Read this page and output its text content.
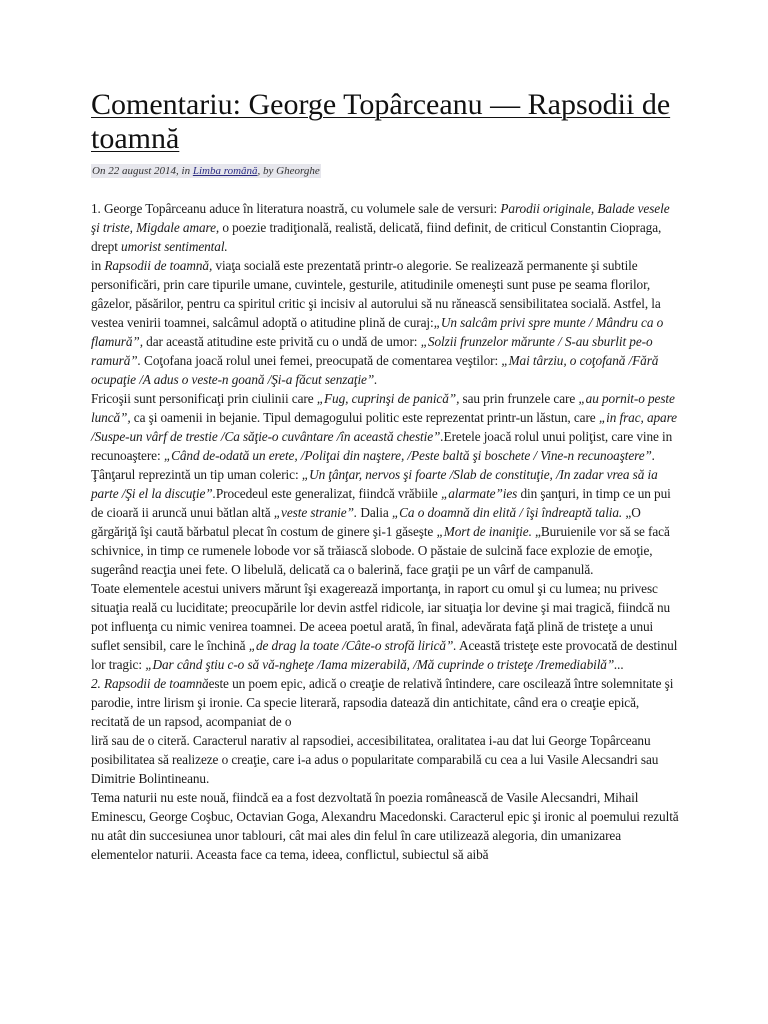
Comentariu: George Topârceanu — Rapsodii de toamnă
On 22 august 2014, in Limba română, by Gheorghe

1. George Topârceanu aduce în literatura noastră, cu volumele sale de versuri: Parodii originale, Balade vesele şi triste, Migdale amare, o poezie tradiţională, realistă, delicată, fiind definit, de criticul Constantin Ciopraga, drept umorist sentimental.

in Rapsodii de toamnă, viaţa socială este prezentată printr-o alegorie. Se realizează permanente şi subtile personificări, prin care tipurile umane, cuvintele, gesturile, atitudinile omeneşti sunt puse pe seama florilor, gâzelor, păsărilor, pentru ca spiritul critic şi incisiv al autorului să nu rănească sensibilitatea socială. Astfel, la vestea venirii toamnei, salcâmul adoptă o atitudine plină de curaj:„Un salcâm privi spre munte / Mândru ca o flamură”, dar această atitudine este privită cu o undă de umor: „Solzii frunzelor mărunte / S-au sburlit pe-o ramură”. Coţofana joacă rolul unei femei, preocupată de comentarea veştilor: „Mai târziu, o coţofană /Fără ocupaţie /A adus o veste-n goană /Şi-a făcut senzaţie”.

Fricoşii sunt personificaţi prin ciulinii care „Fug, cuprinşi de panică”, sau prin frunzele care „au pornit-o peste luncă”, ca şi oamenii in bejanie. Tipul demagogului politic este reprezentat printr-un lăstun, care „in frac, apare /Suspe-un vârf de trestie /Ca săţie-o cuvântare /în această chestie”.Eretele joacă rolul unui poliţist, care vine in recunoaştere: „Când de-odată un erete, /Poliţai din naştere, /Peste baltă şi boschete / Vine-n recunoaştere”. Ţânţarul reprezintă un tip uman coleric: „Un ţânţar, nervos şi foarte /Slab de constituţie, /In zadar vrea să ia parte /Şi el la discuţie”.Procedeul este generalizat, fiindcă vrăbiile „alarmate”ies din şanţuri, in timp ce un pui de cioară ii aruncă unui bătlan altă „veste stranie”. Dalia „Ca o doamnă din elită / îşi îndreaptă talia. „O gărgăriţă îşi caută bărbatul plecat în costum de ginere şi-1 găseşte „Mort de inaniţie. „Buruienile vor să se facă schivnice, in timp ce rumenele lobode vor să trăiască slobode. O păstaie de sulcină face explozie de emoţie, sugerând reacţia unei fete. O libelulă, delicată ca o balerină, face graţii pe un vârf de campanulă.

Toate elementele acestui univers mărunt îşi exagerează importanţa, in raport cu omul şi cu lumea; nu privesc situaţia reală cu luciditate; preocupările lor devin astfel ridicole, iar situaţia lor devine şi mai tragică, fiindcă nu pot influenţa cu nimic venirea toamnei. De aceea poetul arată, în final, adevărata faţă plină de tristeţe a unui suflet sensibil, care le închină „de drag la toate /Câte-o strofă lirică”. Această tristeţe este provocată de destinul lor tragic: „Dar când ştiu c-o să vă-ngheţe /Iama mizerabilă, /Mă cuprinde o tristeţe /Iremediabilă”...

2. Rapsodii de toamnăeste un poem epic, adică o creaţie de relativă întindere, care oscilează între solemnitate şi parodie, intre lirism şi ironie. Ca specie literară, rapsodia datează din antichitate, când era o creaţie epică, recitată de un rapsod, acompaniat de o

liră sau de o citeră. Caracterul narativ al rapsodiei, accesibilitatea, oralitatea i-au dat lui George Topârceanu posibilitatea să realizeze o creaţie, care i-a adus o popularitate comparabilă cu cea a lui Vasile Alecsandri sau Dimitrie Bolintineanu.

Tema naturii nu este nouă, fiindcă ea a fost dezvoltată în poezia românească de Vasile Alecsandri, Mihail Eminescu, George Coşbuc, Octavian Goga, Alexandru Macedonski. Caracterul epic şi ironic al poemului rezultă nu atât din succesiunea unor tablouri, cât mai ales din felul în care utilizează alegoria, din umanizarea elementelor naturii. Aceasta face ca tema, ideea, conflictul, subiectul să aibă
